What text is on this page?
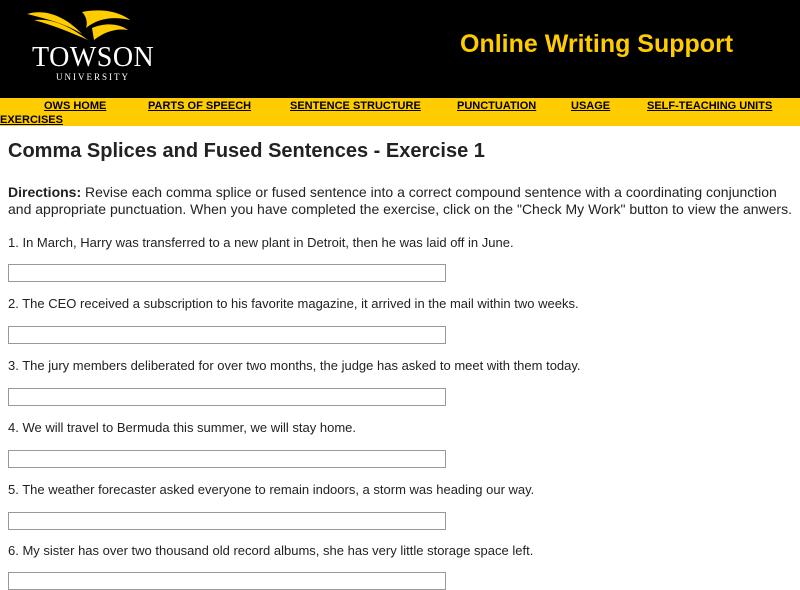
TOWSON
UNIVERSITY
Online Writing Support
OWS HOME	PARTS OF SPEECH	SENTENCE STRUCTURE	PUNCTUATION	USAGE	SELF-TEACHING UNITS
EXERCISES
Comma Splices and Fused Sentences - Exercise 1

Directions: Revise each comma splice or fused sentence into a correct compound sentence with a coordinating conjunction and appropriate punctuation. When you have completed the exercise, click on the "Check My Work" button to view the anwers.

1. In March, Harry was transferred to a new plant in Detroit, then he was laid off in June.
2. The CEO received a subscription to his favorite magazine, it arrived in the mail within two weeks.
3. The jury members deliberated for over two months, the judge has asked to meet with them today.
4. We will travel to Bermuda this summer, we will stay home.
5. The weather forecaster asked everyone to remain indoors, a storm was heading our way.
6. My sister has over two thousand old record albums, she has very little storage space left.
